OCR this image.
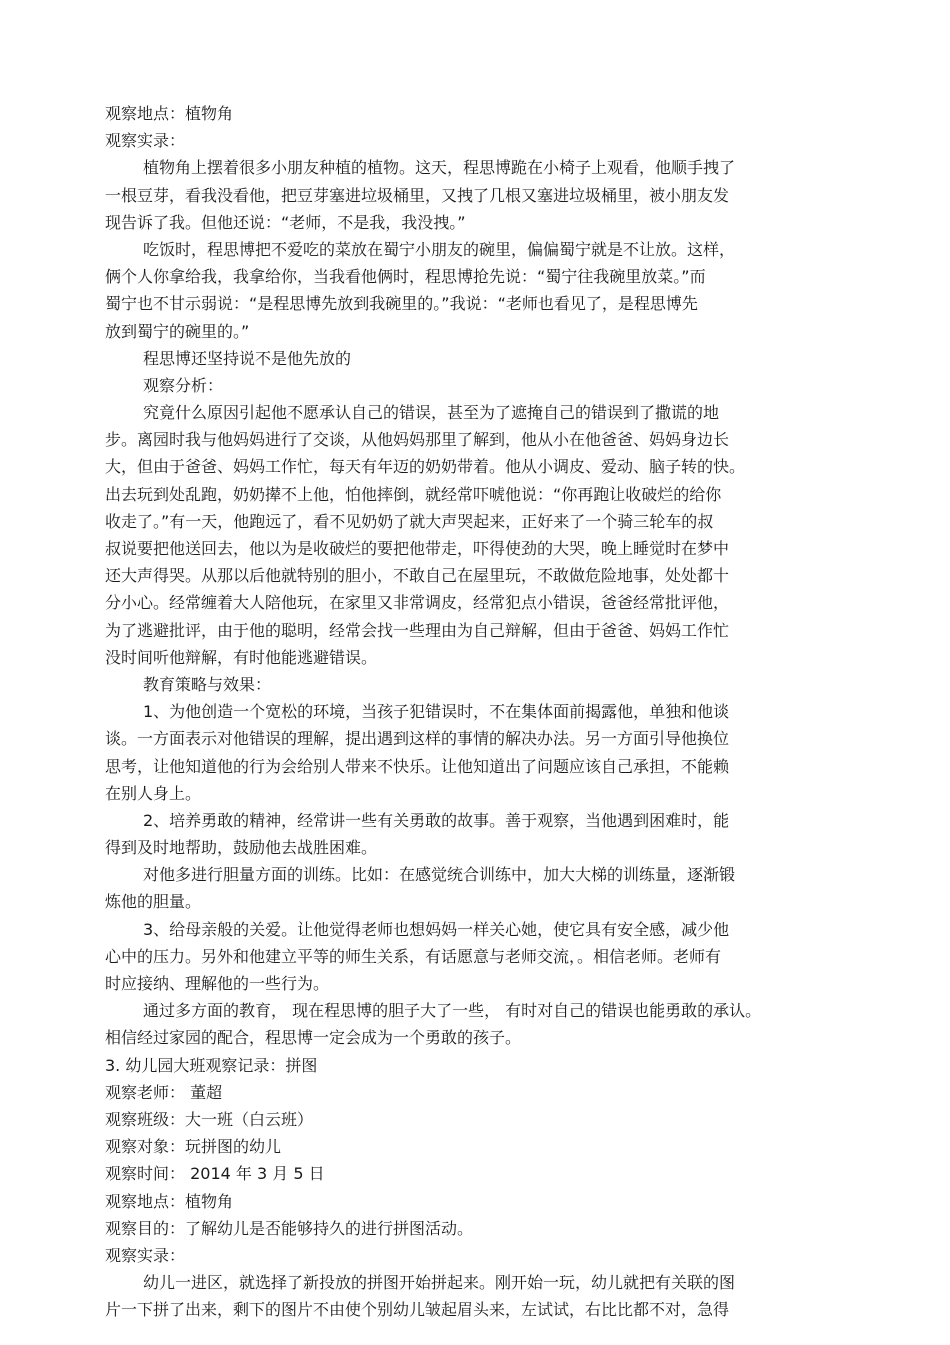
观察地点：植物角

观察实录：

植物角上摆着很多小朋友种植的植物。这天，程思博跪在小椅子上观看，他顺手拽了

一根豆芽，看我没看他，把豆芽塞进垃圾桶里，又拽了几根又塞进垃圾桶里，被小朋友发

现告诉了我。但他还说：“老师，不是我，我没拽。”

吃饭时，程思博把不爱吃的菜放在蜀宁小朋友的碗里，偏偏蜀宁就是不让放。这样，

俩个人你拿给我，我拿给你，当我看他俩时，程思博抢先说：“蜀宁往我碗里放菜。”而

蜀宁也不甘示弱说：“是程思博先放到我碗里的。”我说：“老师也看见了，是程思博先

放到蜀宁的碗里的。”

程思博还坚持说不是他先放的

观察分析：

究竟什么原因引起他不愿承认自己的错误，甚至为了遮掩自己的错误到了撒谎的地

步。离园时我与他妈妈进行了交谈，从他妈妈那里了解到，他从小在他爸爸、妈妈身边长

大，但由于爸爸、妈妈工作忙，每天有年迈的奶奶带着。他从小调皮、爱动、脑子转的快。

出去玩到处乱跑，奶奶撵不上他，怕他摔倒，就经常吓唬他说：“你再跑让收破烂的给你

收走了。”有一天，他跑远了，看不见奶奶了就大声哭起来，正好来了一个骑三轮车的叔

叔说要把他送回去，他以为是收破烂的要把他带走，吓得使劲的大哭，晚上睡觉时在梦中

还大声得哭。从那以后他就特别的胆小，不敢自己在屋里玩，不敢做危险地事，处处都十

分小心。经常缠着大人陪他玩，在家里又非常调皮，经常犯点小错误，爸爸经常批评他，

为了逃避批评，由于他的聪明，经常会找一些理由为自己辩解，但由于爸爸、妈妈工作忙

没时间听他辩解，有时他能逃避错误。

教育策略与效果：

1、为他创造一个宽松的环境，当孩子犯错误时，不在集体面前揭露他，单独和他谈

谈。一方面表示对他错误的理解，提出遇到这样的事情的解决办法。另一方面引导他换位

思考，让他知道他的行为会给别人带来不快乐。让他知道出了问题应该自己承担，不能赖

在别人身上。

2、培养勇敢的精神，经常讲一些有关勇敢的故事。善于观察，当他遇到困难时，能

得到及时地帮助，鼓励他去战胜困难。

对他多进行胆量方面的训练。比如：在感觉统合训练中，加大大梯的训练量，逐渐锻

炼他的胆量。

3、给母亲般的关爱。让他觉得老师也想妈妈一样关心她，使它具有安全感，减少他

心中的压力。另外和他建立平等的师生关系，有话愿意与老师交流，。相信老师。老师有

时应接纳、理解他的一些行为。

通过多方面的教育， 现在程思博的胆子大了一些， 有时对自己的错误也能勇敢的承认。

相信经过家园的配合，程思博一定会成为一个勇敢的孩子。

3. 幼儿园大班观察记录：拼图

观察老师： 董超

观察班级：大一班（白云班）

观察对象：玩拼图的幼儿

观察时间： 2014 年 3 月 5 日

观察地点：植物角

观察目的：了解幼儿是否能够持久的进行拼图活动。

观察实录：

幼儿一进区，就选择了新投放的拼图开始拼起来。刚开始一玩，幼儿就把有关联的图

片一下拼了出来，剩下的图片不由使个别幼儿皱起眉头来，左试试，右比比都不对，急得
